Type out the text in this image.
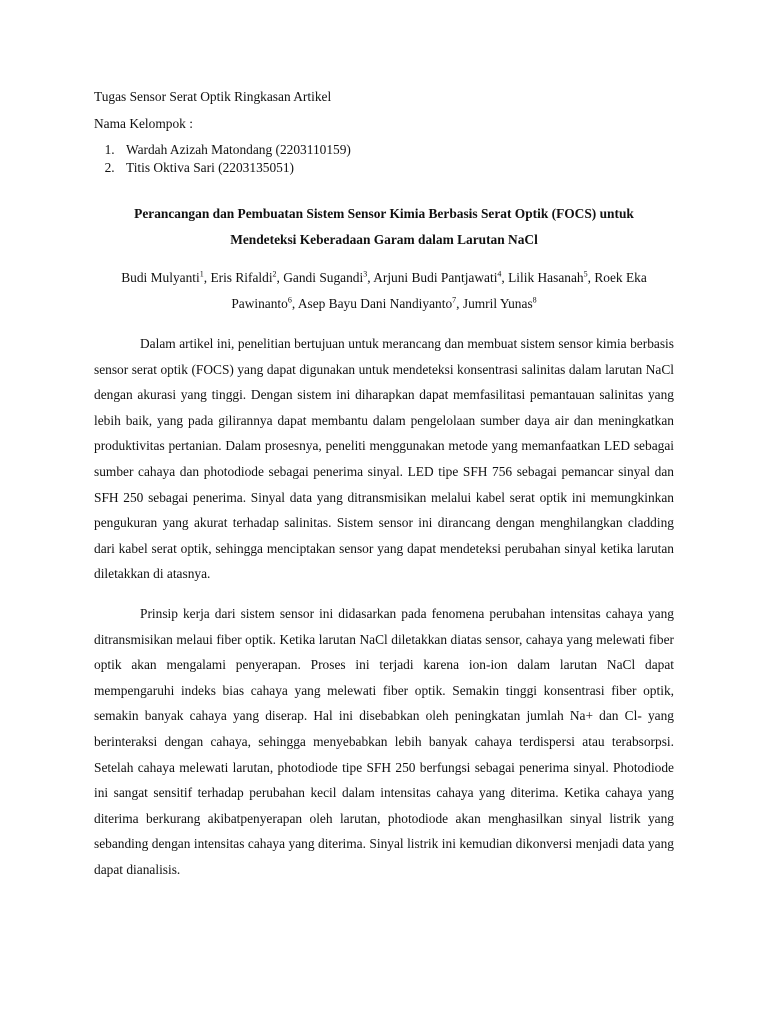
Tugas Sensor Serat Optik Ringkasan Artikel

Nama Kelompok :

1. Wardah Azizah Matondang (2203110159)
2. Titis Oktiva Sari (2203135051)
Perancangan dan Pembuatan Sistem Sensor Kimia Berbasis Serat Optik (FOCS) untuk
Mendeteksi Keberadaan Garam dalam Larutan NaCl

Budi Mulyanti$^1$, Eris Rifaldi$^2$, Gandi Sugandi$^3$, Arjuni Budi Pantjawati$^4$, Lilik Hasanah$^5$, Roek Eka Pawinanto$^6$, Asep Bayu Dani Nandiyanto$^7$, Jumril Yunas$^8$

Dalam artikel ini, penelitian bertujuan untuk merancang dan membuat sistem sensor kimia berbasis sensor serat optik (FOCS) yang dapat digunakan untuk mendeteksi konsentrasi salinitas dalam larutan NaCl dengan akurasi yang tinggi. Dengan sistem ini diharapkan dapat memfasilitasi pemantauan salinitas yang lebih baik, yang pada gilirannya dapat membantu dalam pengelolaan sumber daya air dan meningkatkan produktivitas pertanian. Dalam prosesnya, peneliti menggunakan metode yang memanfaatkan LED sebagai sumber cahaya dan photodiode sebagai penerima sinyal. LED tipe SFH 756 sebagai pemancar sinyal dan SFH 250 sebagai penerima. Sinyal data yang ditransmisikan melalui kabel serat optik ini memungkinkan pengukuran yang akurat terhadap salinitas. Sistem sensor ini dirancang dengan menghilangkan cladding dari kabel serat optik, sehingga menciptakan sensor yang dapat mendeteksi perubahan sinyal ketika larutan diletakkan di atasnya.

Prinsip kerja dari sistem sensor ini didasarkan pada fenomena perubahan intensitas cahaya yang ditransmisikan melaui fiber optik. Ketika larutan NaCl diletakkan diatas sensor, cahaya yang melewati fiber optik akan mengalami penyerapan. Proses ini terjadi karena ion-ion dalam larutan NaCl dapat mempengaruhi indeks bias cahaya yang melewati fiber optik. Semakin tinggi konsentrasi fiber optik, semakin banyak cahaya yang diserap. Hal ini disebabkan oleh peningkatan jumlah Na+ dan Cl- yang berinteraksi dengan cahaya, sehingga menyebabkan lebih banyak cahaya terdispersi atau terabsorpsi. Setelah cahaya melewati larutan, photodiode tipe SFH 250 berfungsi sebagai penerima sinyal. Photodiode ini sangat sensitif terhadap perubahan kecil dalam intensitas cahaya yang diterima. Ketika cahaya yang diterima berkurang akibatpenyerapan oleh larutan, photodiode akan menghasilkan sinyal listrik yang sebanding dengan intensitas cahaya yang diterima. Sinyal listrik ini kemudian dikonversi menjadi data yang dapat dianalisis.
